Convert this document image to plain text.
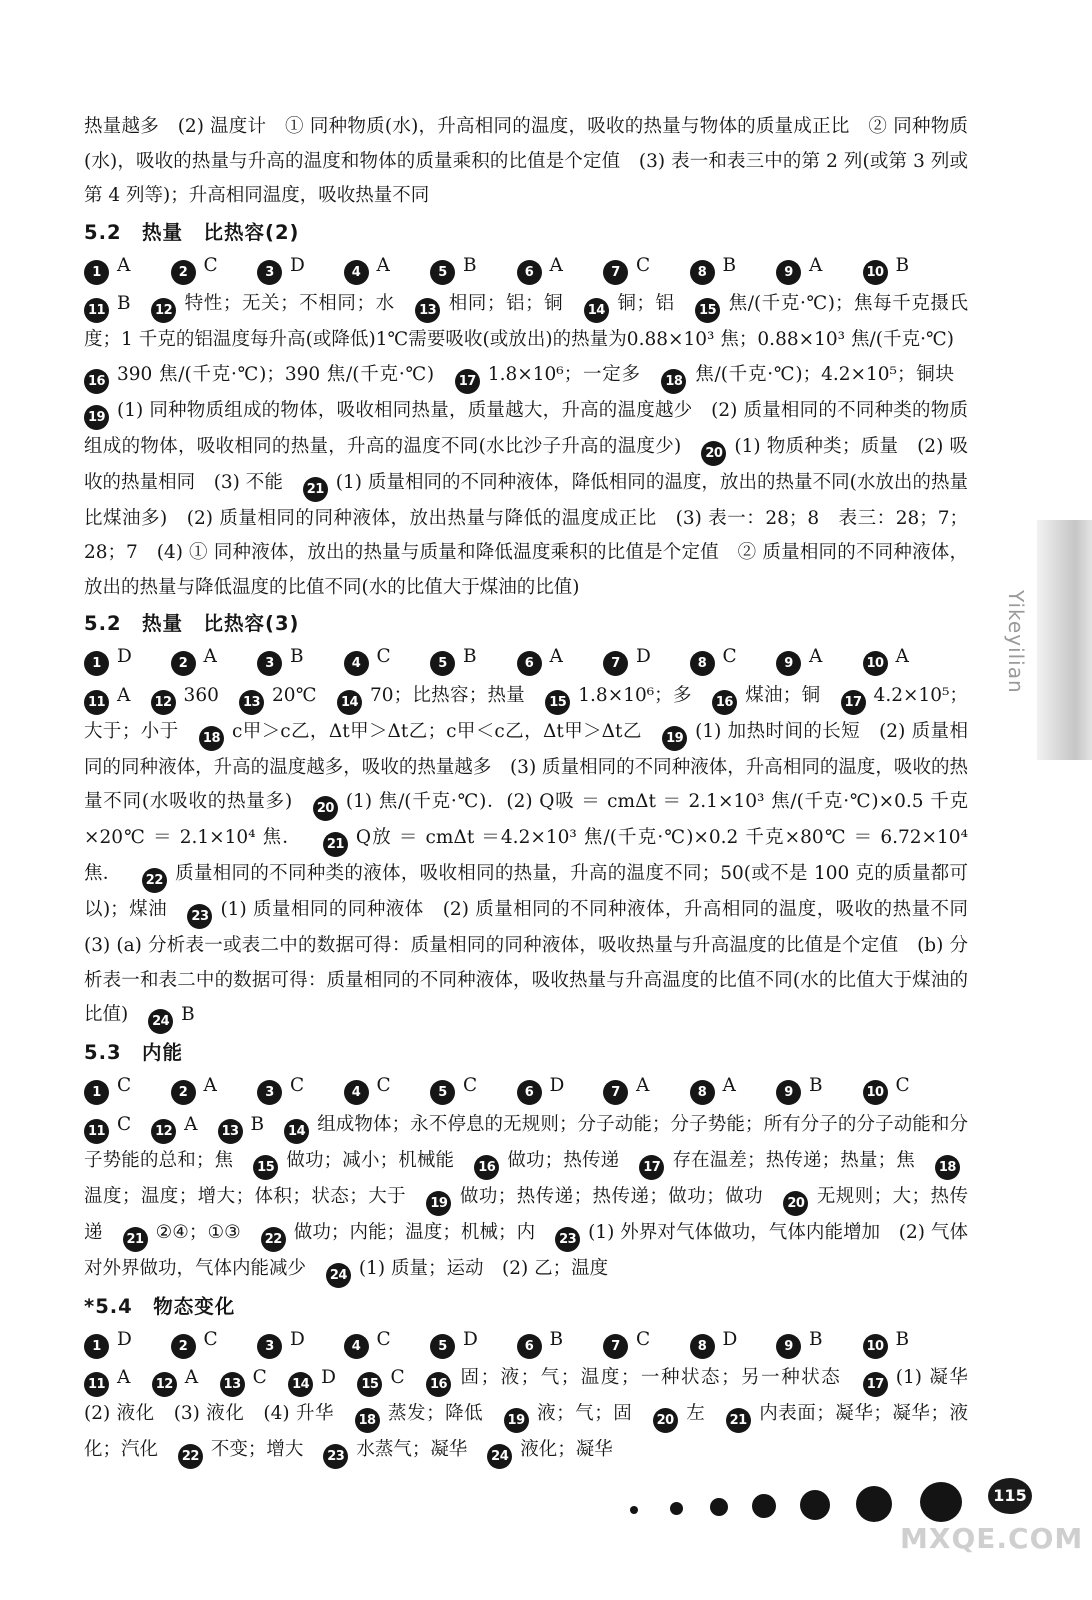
热量越多　(2) 温度计　① 同种物质(水)，升高相同的温度，吸收的热量与物体的质量成正比　② 同种物质(水)，吸收的热量与升高的温度和物体的质量乘积的比值是个定值　(3) 表一和表三中的第 2 列(或第 3 列或第 4 列等)；升高相同温度，吸收热量不同
5.2　热量　比热容(2)
1 A	2 C	3 D	4 A	5 B	6 A	7 C	8 B	9 A	10 B
11 B 12 特性；无关；不相同；水 13 相同；铝；铜 14 铜；铝 15 焦/(千克·℃)；焦每千克摄氏度；1 千克的铝温度每升高(或降低)1℃需要吸收(或放出)的热量为0.88×10³ 焦；0.88×10³ 焦/(千克·℃) 16 390 焦/(千克·℃)；390 焦/(千克·℃) 17 1.8×10⁶；一定多 18 焦/(千克·℃)；4.2×10⁵；铜块 19 (1) 同种物质组成的物体，吸收相同热量，质量越大，升高的温度越少　(2) 质量相同的不同种类的物质组成的物体，吸收相同的热量，升高的温度不同(水比沙子升高的温度少) 20 (1) 物质种类；质量　(2) 吸收的热量相同　(3) 不能 21 (1) 质量相同的不同种液体，降低相同的温度，放出的热量不同(水放出的热量比煤油多)　(2) 质量相同的同种液体，放出热量与降低的温度成正比　(3) 表一：28；8　表三：28；7；28；7　(4) ① 同种液体，放出的热量与质量和降低温度乘积的比值是个定值　② 质量相同的不同种液体，放出的热量与降低温度的比值不同(水的比值大于煤油的比值)
5.2　热量　比热容(3)
1 D	2 A	3 B	4 C	5 B	6 A	7 D	8 C	9 A	10 A
11 A 12 360 13 20℃ 14 70；比热容；热量 15 1.8×10⁶；多 16 煤油；铜 17 4.2×10⁵；大于；小于 18 c甲＞c乙，Δt甲＞Δt乙；c甲＜c乙，Δt甲＞Δt乙 19 (1) 加热时间的长短　(2) 质量相同的同种液体，升高的温度越多，吸收的热量越多　(3) 质量相同的不同种液体，升高相同的温度，吸收的热量不同(水吸收的热量多) 20 (1) 焦/(千克·℃)．(2) Q吸 ＝ cmΔt ＝ 2.1×10³ 焦/(千克·℃)×0.5 千克×20℃ ＝ 2.1×10⁴ 焦． 21 Q放 ＝ cmΔt ＝4.2×10³ 焦/(千克·℃)×0.2 千克×80℃ ＝ 6.72×10⁴ 焦． 22 质量相同的不同种类的液体，吸收相同的热量，升高的温度不同；50(或不是 100 克的质量都可以)；煤油 23 (1) 质量相同的同种液体　(2) 质量相同的不同种液体，升高相同的温度，吸收的热量不同　(3) (a) 分析表一或表二中的数据可得：质量相同的同种液体，吸收热量与升高温度的比值是个定值　(b) 分析表一和表二中的数据可得：质量相同的不同种液体，吸收热量与升高温度的比值不同(水的比值大于煤油的比值) 24 B
5.3　内能
1 C	2 A	3 C	4 C	5 C	6 D	7 A	8 A	9 B	10 C
11 C 12 A 13 B 14 组成物体；永不停息的无规则；分子动能；分子势能；所有分子的分子动能和分子势能的总和；焦 15 做功；减小；机械能 16 做功；热传递 17 存在温差；热传递；热量；焦 18温度；温度；增大；体积；状态；大于 19 做功；热传递；热传递；做功；做功 20 无规则；大；热传递 21 ②④；①③ 22 做功；内能；温度；机械；内 23 (1) 外界对气体做功，气体内能增加　(2) 气体对外界做功，气体内能减少 24 (1) 质量；运动　(2) 乙；温度
*5.4　物态变化
1 D	2 C	3 D	4 C	5 D	6 B	7 C	8 D	9 B	10 B
11 A 12 A 13 C 14 D 15 C 16 固；液；气；温度；一种状态；另一种状态 17 (1) 凝华　(2) 液化　(3) 液化　(4) 升华 18 蒸发；降低 19 液；气；固 20 左 21 内表面；凝华；凝华；液化；汽化 22 不变；增大 23 水蒸气；凝华 24 液化；凝华
Yikeyilian
115
MXQE.COM
